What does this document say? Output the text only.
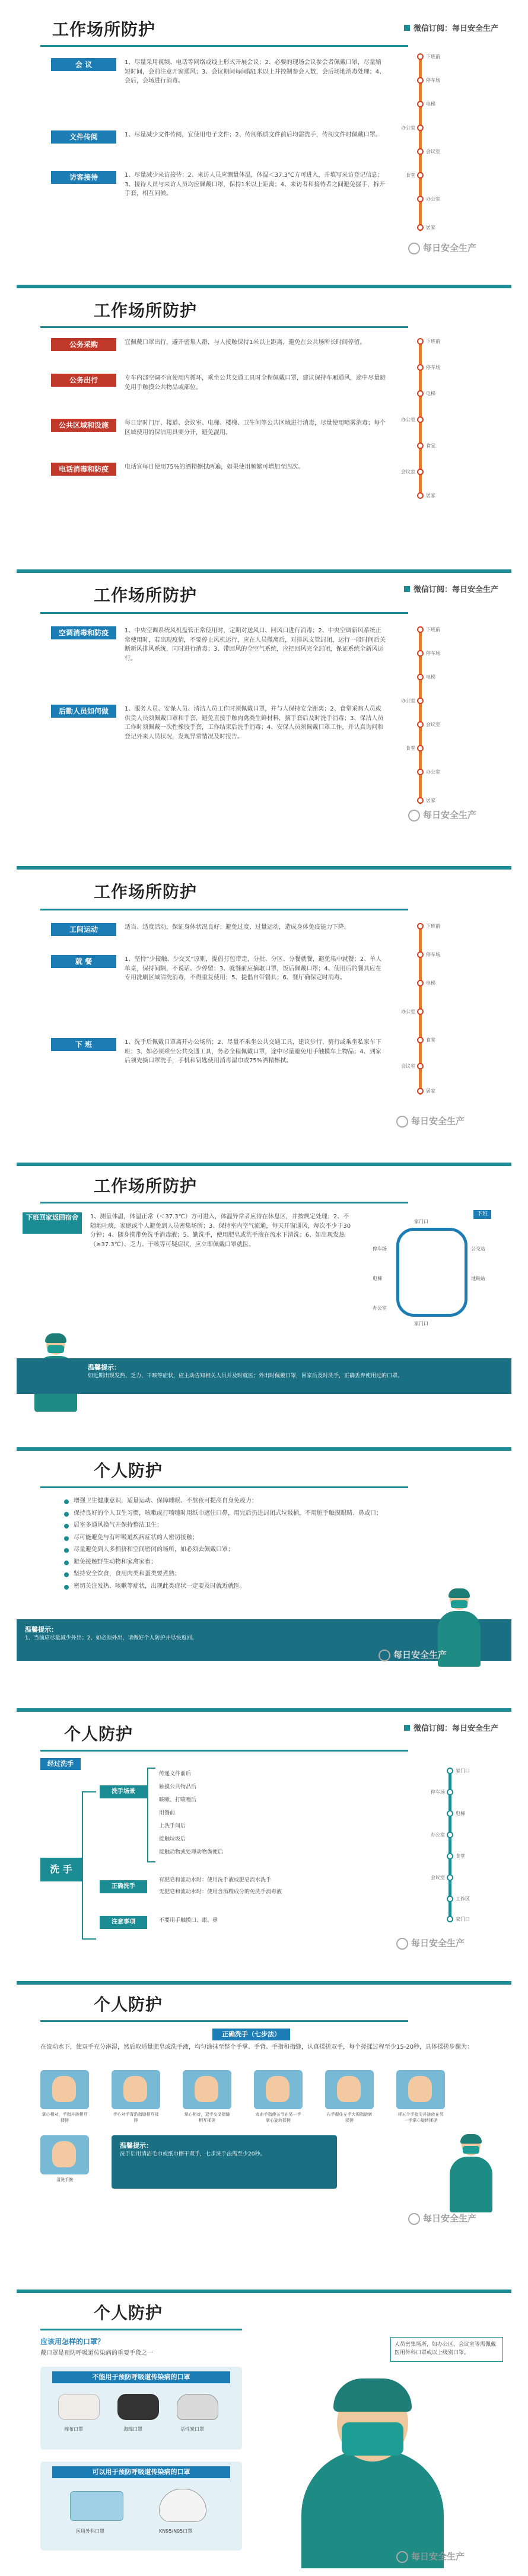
微信订阅：每日安全生产
工作场所防护
会 议	1、尽量采用视频、电话等网络或线上形式开展会议；2、必要的现场会议参会者佩戴口罩，尽量缩短时间，会前注意开窗通风；3、会议期间每间隔1米以上并控制参会人数，会后场地消毒处理；4、会后，会场进行消毒。
文件传阅	1、尽量减少文件传阅，宜使用电子文件；2、传阅纸质文件前后均需洗手，传阅文件时佩戴口罩。
访客接待	1、尽量减少来访接待；2、来访人员应测量体温，体温＜37.3℃方可进入，并填写来访登记信息；3、接待人员与来访人员均应佩戴口罩，保持1米以上距离；4、来访者和接待者之间避免握手，拆开手套，相互问候。
下班前
停车场
电梯
办公室
会议室
食堂
办公室
居家
每日安全生产
工作场所防护
公务采购	宜佩戴口罩出行，避开密集人群，与人接触保持1米以上距离，避免在公共场所长时间停留。
公务出行	专车内部空调不宜使用内循环，乘坐公共交通工具时全程佩戴口罩，建议保持车厢通风，途中尽量避免用手触摸公共物品或部位。
公共区域和设施	每日定时门厅、楼道、会议室、电梯、楼梯、卫生间等公共区域进行消毒，尽量使用喷雾消毒；每个区域使用的保洁用具要分开，避免混用。
电话消毒和防疫	电话宜每日使用75%的酒精擦拭两遍，如果使用频繁可增加至四次。
下班前
停车场
电梯
办公室
食堂
会议室
居家
微信订阅：每日安全生产
工作场所防护
空调消毒和防疫	1、中央空调系统风机盘管正常使用时，定期对送风口、回风口进行消毒；2、中央空调新风系统正常使用时，若出现疫情，不要停止风机运行，应在人员撤离后，对排风支管封闭，运行一段时间后关断新风排风系统，同时进行消毒；3、带回风的全空气系统，应把回风完全封闭，保证系统全新风运行。
后勤人员如何做	1、服务人员、安保人员、清洁人员工作时须佩戴口罩，并与人保持安全距离；2、食堂采购人员或供货人员须佩戴口罩和手套，避免直接手触肉禽类生鲜材料，摘手套后及时洗手消毒；3、保洁人员工作时须佩戴一次性橡胶手套，工作结束后洗手消毒；4、安保人员须佩戴口罩工作，并认真询问和登记外来人员状况，发现异常情况及时报告。
下班前
停车场
电梯
办公室
会议室
食堂
办公室
居家
每日安全生产
工作场所防护
工间运动	适当、适度活动，保证身体状况良好；避免过度、过量运动，造成身体免疫能力下降。
就 餐	1、坚持“少接触、少交叉”原则，提倡打包带走，分批、分区、分餐就餐，避免集中就餐；2、单人单桌，保持间隔，不说话、少停留；3、就餐前应摘取口罩，饭后佩戴口罩；4、使用后的餐具应在专用洗刷区域清洗消毒，不得重复使用；5、提倡自带餐具；6、餐厅确保定时消毒。
下 班	1、洗手后佩戴口罩离开办公场所；2、尽量不乘坐公共交通工具，建议步行、骑行或乘坐私家车下班；3、如必须乘坐公共交通工具，务必全程佩戴口罩，途中尽量避免用手触摸车上物品；4、到家后须先摘口罩洗手，手机和钥匙使用消毒湿巾或75%酒精擦拭。
下班前
停车场
电梯
办公室
食堂
会议室
居家
每日安全生产
工作场所防护
下班回家返回宿舍	1、测量体温，体温正常（＜37.3℃）方可进入，体温异常者应待在休息区，并按规定处理；2、不随地吐痰，家庭或个人避免到人员密集场所；3、保持室内空气流通，每天开窗通风，每次不少于30分钟；4、随身携带免洗手消毒液；5、勤洗手，使用肥皂或洗手液在流水下清洗；6、如出现发热（≥37.3℃）、乏力、干咳等可疑症状，应立即佩戴口罩就医。
下班
家门口
停车场
电梯
办公室
公交站
地铁站
家门口
温馨提示：
如近期出现发热、乏力、干咳等症状，应主动告知相关人员并及时就医；外出时佩戴口罩，回家后及时洗手，正确丢弃使用过的口罩。
个人防护
增强卫生健康意识，适量运动、保障睡眠、不熬夜可提高自身免疫力；
保持良好的个人卫生习惯，咳嗽或打喷嚏时用纸巾遮住口鼻，用完后扔进封闭式垃圾桶，不用脏手触摸眼睛、鼻或口；
居室多通风换气并保持整洁卫生；
尽可能避免与有呼吸道疾病症状的人密切接触；
尽量避免到人多拥挤和空间密闭的场所，如必须去佩戴口罩；
避免接触野生动物和家禽家畜；
坚持安全饮食，食用肉类和蛋类要煮熟；
密切关注发热、咳嗽等症状，出现此类症状一定要及时就近就医。
温馨提示：
1、当前应尽量减少外出；2、如必须外出，请做好个人防护并尽快返回。
每日安全生产
微信订阅：每日安全生产
个人防护
经过洗手
洗 手
洗手场景
传递文件前后
触摸公共物品后
咳嗽、打喷嚏后
用餐前
上洗手间后
接触垃圾后
接触动物或处理动物粪便后
正确洗手
有肥皂和流动水时：使用洗手液或肥皂流水洗手
无肥皂和流动水时：使用含酒精成分的免洗手消毒液
注意事项	不要用手触摸口、眼、鼻
家门口
停车场
电梯
办公室
食堂
会议室
工作区
家门口
每日安全生产
个人防护
正确洗手（七步法）
在流动水下，使双手充分淋湿，然后取适量肥皂或洗手液，均匀涂抹至整个手掌、手背、手指和指缝，认真揉搓双手，每个搓揉过程至少15-20秒，具体揉搓步骤为：
掌心相对，手指并拢相互揉搓
手心对手背沿指缝相互揉搓
掌心相对，双手交叉指缝相互揉搓
弯曲手指使关节在另一手掌心旋转揉搓
右手握住左手大拇指旋转揉搓
将五个手指尖并拢放在另一手掌心旋转揉搓
清洗手腕
温馨提示：
洗手后用清洁毛巾或纸巾擦干双手，七步洗手法需至少20秒。
每日安全生产
个人防护
应该用怎样的口罩？
戴口罩是预防呼吸道传染病的重要手段之一
不能用于预防呼吸道传染病的口罩
棉布口罩	海绵口罩	活性炭口罩
可以用于预防呼吸道传染病的口罩
医用外科口罩	KN95/N95口罩
人员密集场所，如办公区、会议室等需佩戴医用外科口罩或以上级别口罩。
每日安全生产
